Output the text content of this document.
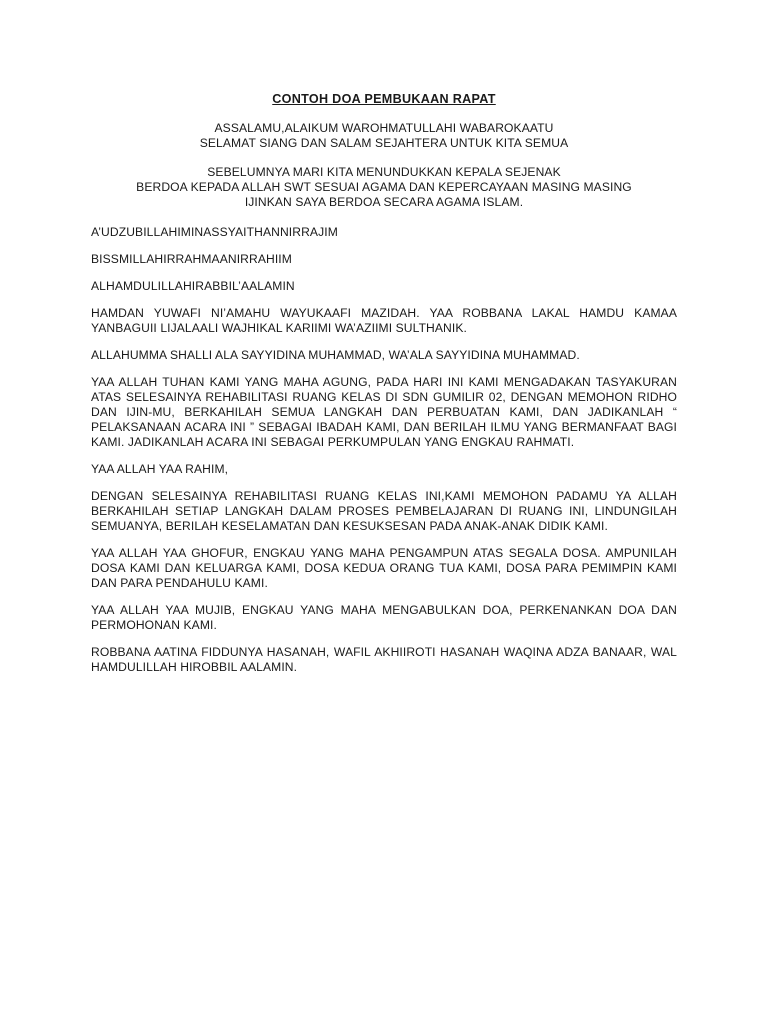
CONTOH DOA PEMBUKAAN RAPAT

ASSALAMU,ALAIKUM WAROHMATULLAHI WABAROKAATU
SELAMAT SIANG DAN SALAM SEJAHTERA UNTUK KITA SEMUA
SEBELUMNYA MARI KITA MENUNDUKKAN KEPALA SEJENAK
BERDOA KEPADA ALLAH SWT SESUAI AGAMA DAN KEPERCAYAAN MASING MASING
IJINKAN SAYA BERDOA SECARA AGAMA ISLAM.

A’UDZUBILLAHIMINASSYAITHANNIRRAJIM

BISSMILLAHIRRAHMAANIRRAHIIM

ALHAMDULILLAHIRABBIL’AALAMIN

HAMDAN YUWAFI NI’AMAHU WAYUKAAFI MAZIDAH. YAA ROBBANA LAKAL HAMDU KAMAA YANBAGUII LIJALAALI WAJHIKAL KARIIMI WA’AZIIMI SULTHANIK.

ALLAHUMMA SHALLI ALA SAYYIDINA MUHAMMAD, WA’ALA SAYYIDINA MUHAMMAD.

YAA ALLAH TUHAN KAMI YANG MAHA AGUNG, PADA HARI INI KAMI MENGADAKAN TASYAKURAN ATAS SELESAINYA REHABILITASI RUANG KELAS DI SDN GUMILIR 02, DENGAN MEMOHON RIDHO DAN IJIN-MU, BERKAHILAH SEMUA LANGKAH DAN PERBUATAN KAMI, DAN JADIKANLAH “ PELAKSANAAN ACARA INI ” SEBAGAI IBADAH KAMI, DAN BERILAH ILMU YANG BERMANFAAT BAGI KAMI. JADIKANLAH ACARA INI SEBAGAI PERKUMPULAN YANG ENGKAU RAHMATI.

YAA ALLAH YAA RAHIM,

DENGAN SELESAINYA REHABILITASI RUANG KELAS INI,KAMI MEMOHON PADAMU YA ALLAH BERKAHILAH SETIAP LANGKAH DALAM PROSES PEMBELAJARAN DI RUANG INI, LINDUNGILAH SEMUANYA, BERILAH KESELAMATAN DAN KESUKSESAN PADA ANAK-ANAK DIDIK KAMI.

YAA ALLAH YAA GHOFUR, ENGKAU YANG MAHA PENGAMPUN ATAS SEGALA DOSA. AMPUNILAH DOSA KAMI DAN KELUARGA KAMI, DOSA KEDUA ORANG TUA KAMI, DOSA PARA PEMIMPIN KAMI DAN PARA PENDAHULU KAMI.

YAA ALLAH YAA MUJIB, ENGKAU YANG MAHA MENGABULKAN DOA, PERKENANKAN DOA DAN PERMOHONAN KAMI.

ROBBANA AATINA FIDDUNYA HASANAH, WAFIL AKHIIROTI HASANAH WAQINA ADZA BANAAR, WAL HAMDULILLAH HIROBBIL AALAMIN.
